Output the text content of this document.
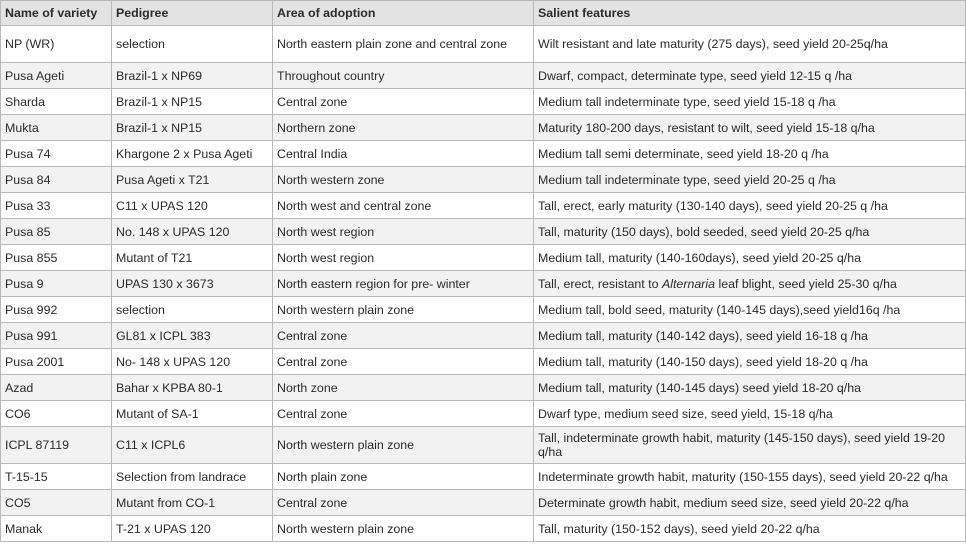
Name of variety	Pedigree	Area of adoption	Salient features
NP (WR)	selection	North eastern plain zone and central zone	Wilt resistant and late maturity (275 days), seed yield 20-25q/ha
Pusa Ageti	Brazil-1 x NP69	Throughout country	Dwarf, compact, determinate type, seed yield 12-15 q /ha
Sharda	Brazil-1 x NP15	Central zone	Medium tall indeterminate type, seed yield 15-18 q /ha
Mukta	Brazil-1 x NP15	Northern zone	Maturity 180-200 days, resistant to wilt, seed yield 15-18 q/ha
Pusa 74	Khargone 2 x Pusa Ageti	Central India	Medium tall semi determinate, seed yield 18-20 q /ha
Pusa 84	Pusa Ageti x T21	North western zone	Medium tall indeterminate type, seed yield 20-25 q /ha
Pusa 33	C11 x UPAS 120	North west and central zone	Tall, erect, early maturity (130-140 days), seed yield 20-25 q /ha
Pusa 85	No. 148 x UPAS 120	North west region	Tall, maturity (150 days), bold seeded, seed yield 20-25 q/ha
Pusa 855	Mutant of T21	North west region	Medium tall, maturity (140-160days), seed yield 20-25 q/ha
Pusa 9	UPAS 130 x 3673	North eastern region for pre- winter	Tall, erect, resistant to Alternaria leaf blight, seed yield 25-30 q/ha
Pusa 992	selection	North western plain zone	Medium tall, bold seed, maturity (140-145 days),seed yield16q /ha
Pusa 991	GL81 x ICPL 383	Central zone	Medium tall, maturity (140-142 days), seed yield 16-18 q /ha
Pusa 2001	No- 148 x UPAS 120	Central zone	Medium tall, maturity (140-150 days), seed yield 18-20 q /ha
Azad	Bahar x KPBA 80-1	North zone	Medium tall, maturity (140-145 days) seed yield 18-20 q/ha
CO6	Mutant of SA-1	Central zone	Dwarf type, medium seed size, seed yield, 15-18 q/ha
ICPL 87119	C11 x ICPL6	North western plain zone	Tall, indeterminate growth habit, maturity (145-150 days), seed yield 19-20 q/ha
T-15-15	Selection from landrace	North plain zone	Indeterminate growth habit, maturity (150-155 days), seed yield 20-22 q/ha
CO5	Mutant from CO-1	Central zone	Determinate growth habit, medium seed size, seed yield 20-22 q/ha
Manak	T-21 x UPAS 120	North western plain zone	Tall, maturity (150-152 days), seed yield 20-22 q/ha
